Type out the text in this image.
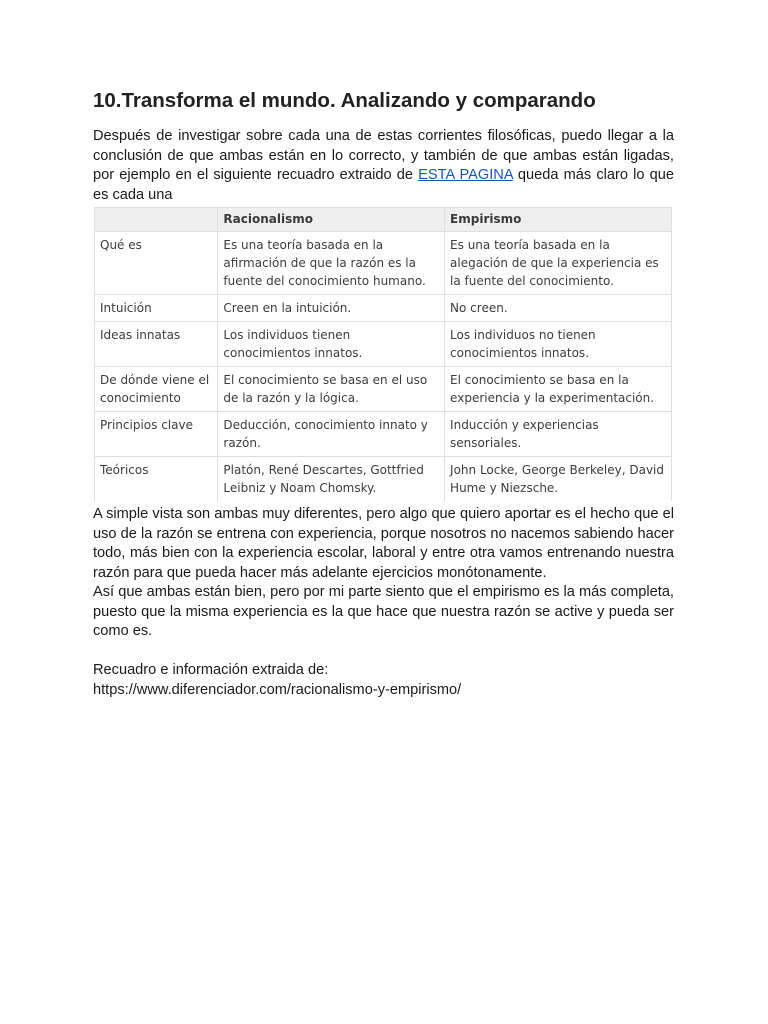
10.Transforma el mundo. Analizando y comparando

Después de investigar sobre cada una de estas corrientes filosóficas, puedo llegar a la conclusión de que ambas están en lo correcto, y también de que ambas están ligadas, por ejemplo en el siguiente recuadro extraido de ESTA PAGINA queda más claro lo que es cada una

	Racionalismo	Empirismo
Qué es	Es una teoría basada en la afirmación de que la razón es la fuente del conocimiento humano.	Es una teoría basada en la alegación de que la experiencia es la fuente del conocimiento.
Intuición	Creen en la intuición.	No creen.
Ideas innatas	Los individuos tienen conocimientos innatos.	Los individuos no tienen conocimientos innatos.
De dónde viene el conocimiento	El conocimiento se basa en el uso de la razón y la lógica.	El conocimiento se basa en la experiencia y la experimentación.
Principios clave	Deducción, conocimiento innato y razón.	Inducción y experiencias sensoriales.
Teóricos	Platón, René Descartes, Gottfried Leibniz y Noam Chomsky.	John Locke, George Berkeley, David Hume y Niezsche.

A simple vista son ambas muy diferentes, pero algo que quiero aportar es el hecho que el uso de la razón se entrena con experiencia, porque nosotros no nacemos sabiendo hacer todo, más bien con la experiencia escolar, laboral y entre otra vamos entrenando nuestra razón para que pueda hacer más adelante ejercicios monótonamente.

Así que ambas están bien, pero por mi parte siento que el empirismo es la más completa, puesto que la misma experiencia es la que hace que nuestra razón se active y pueda ser como es.

Recuadro e información extraida de:

https://www.diferenciador.com/racionalismo-y-empirismo/
